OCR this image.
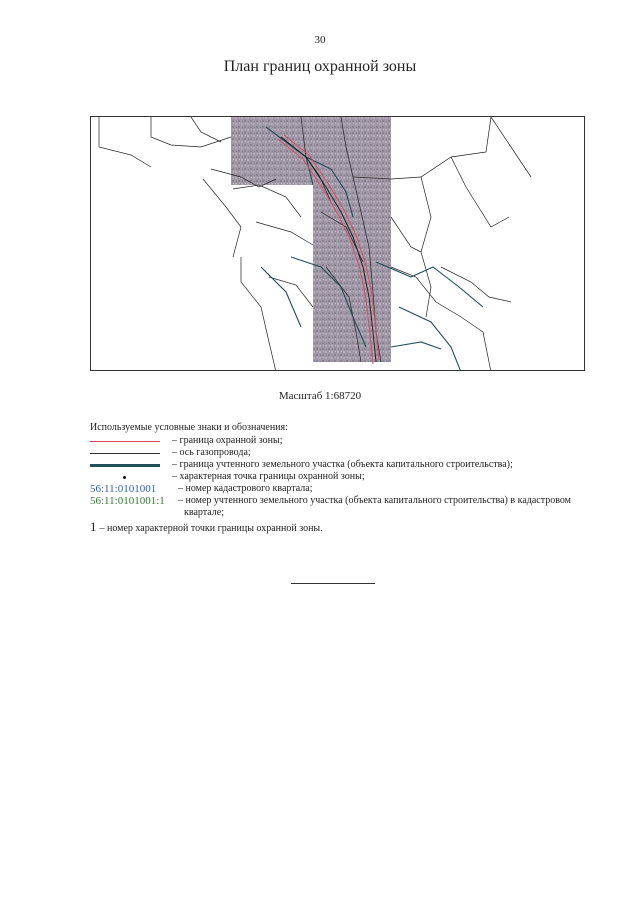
30
План границ охранной зоны
·····
·····
·····
·····
·····
Масштаб 1:68720
Используемые условные знаки и обозначения:
– граница охранной зоны;
– ось газопровода;
– граница учтенного земельного участка (объекта капитального строительства);
– характерная точка границы охранной зоны;
56:11:0101001	– номер кадастрового квартала;
56:11:0101001:1	– номер учтенного земельного участка (объекта капитального строительства) в кадастровом квартале;
1 – номер характерной точки границы охранной зоны.
